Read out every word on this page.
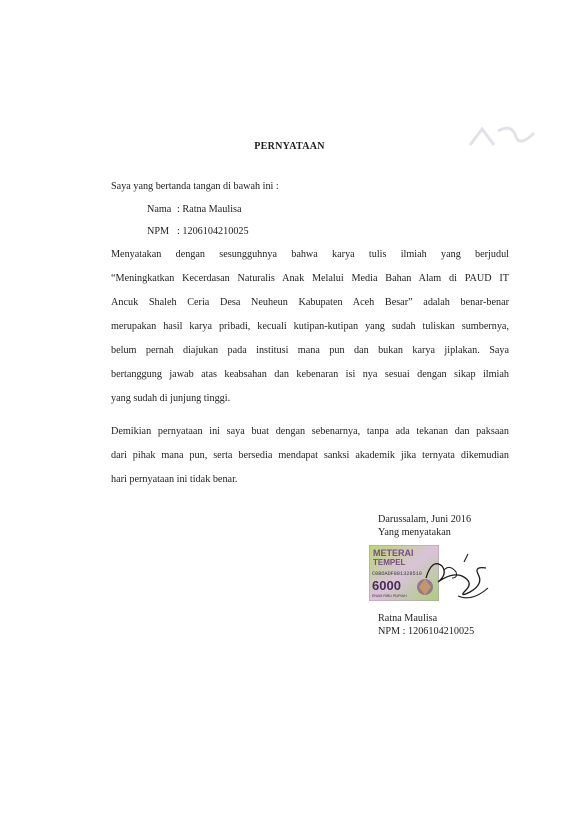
PERNYATAAN
Saya yang bertanda tangan di bawah ini :
Nama : Ratna Maulisa
NPM : 1206104210025
Menyatakan dengan sesungguhnya bahwa karya tulis ilmiah yang berjudul
“Meningkatkan Kecerdasan Naturalis Anak Melalui Media Bahan Alam di PAUD IT
Ancuk Shaleh Ceria Desa Neuheun Kabupaten Aceh Besar” adalah benar-benar
merupakan hasil karya pribadi, kecuali kutipan-kutipan yang sudah tuliskan sumbernya,
belum pernah diajukan pada institusi mana pun dan bukan karya jiplakan. Saya
bertanggung jawab atas keabsahan dan kebenaran isi nya sesuai dengan sikap ilmiah
yang sudah di junjung tinggi.
Demikian pernyataan ini saya buat dengan sebenarnya, tanpa ada tekanan dan paksaan
dari pihak mana pun, serta bersedia mendapat sanksi akademik jika ternyata dikemudian
hari pernyataan ini tidak benar.
Darussalam, Juni 2016
Yang menyatakan
METERAI
TEMPEL
C0BOADF881328510
6000
ENAM RIBU RUPIAH
Ratna Maulisa
NPM : 1206104210025
